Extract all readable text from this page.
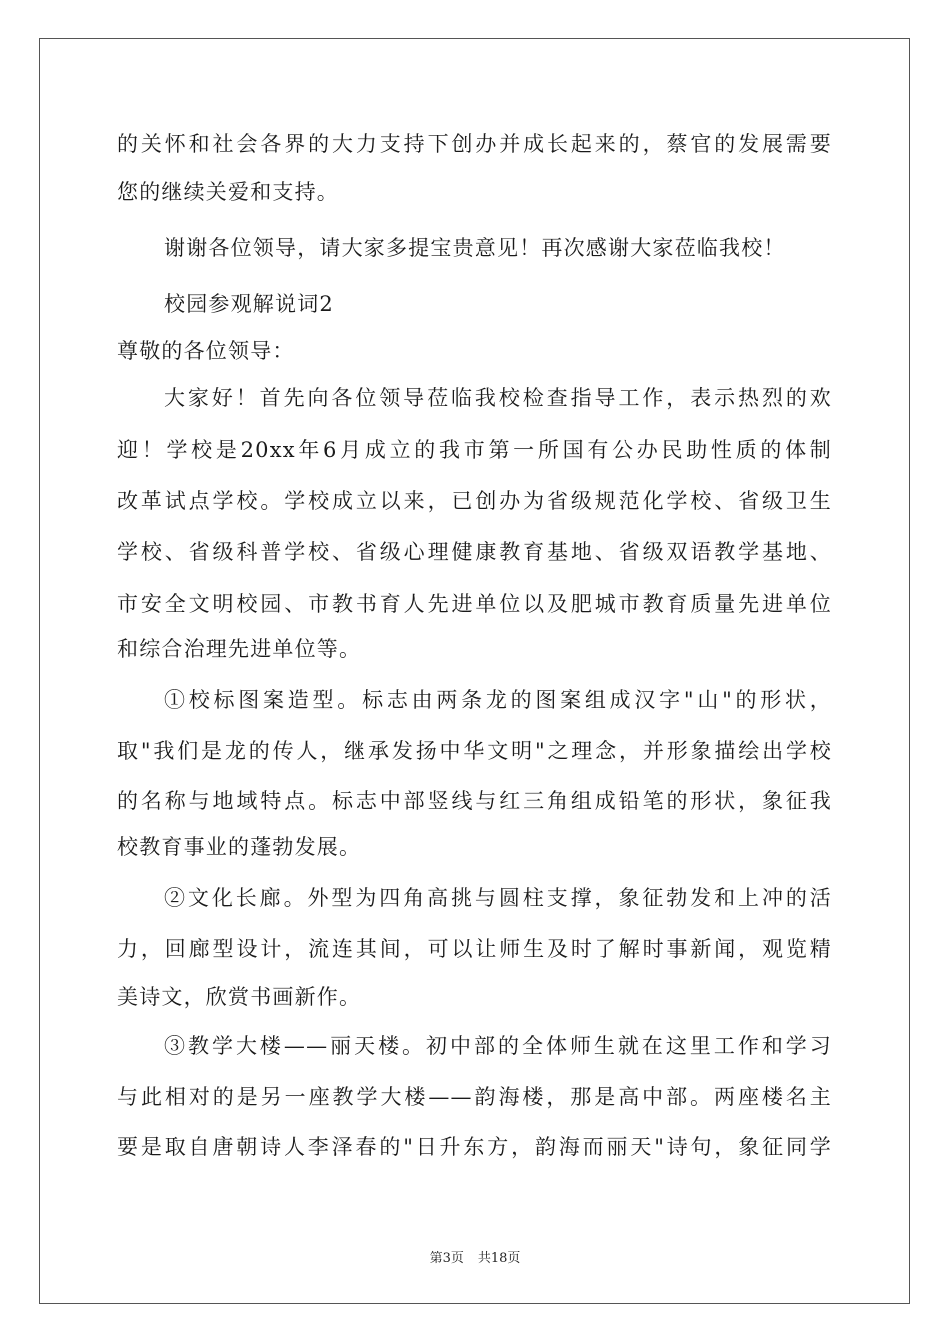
的关怀和社会各界的大力支持下创办并成长起来的，蔡官的发展需要
您的继续关爱和支持。
谢谢各位领导，请大家多提宝贵意见！再次感谢大家莅临我校！
校园参观解说词2
尊敬的各位领导：
大家好！首先向各位领导莅临我校检查指导工作，表示热烈的欢
迎！学校是20xx年6月成立的我市第一所国有公办民助性质的体制
改革试点学校。学校成立以来，已创办为省级规范化学校、省级卫生
学校、省级科普学校、省级心理健康教育基地、省级双语教学基地、
市安全文明校园、市教书育人先进单位以及肥城市教育质量先进单位
和综合治理先进单位等。
①校标图案造型。标志由两条龙的图案组成汉字"山"的形状，
取"我们是龙的传人，继承发扬中华文明"之理念，并形象描绘出学校
的名称与地域特点。标志中部竖线与红三角组成铅笔的形状，象征我
校教育事业的蓬勃发展。
②文化长廊。外型为四角高挑与圆柱支撑，象征勃发和上冲的活
力，回廊型设计，流连其间，可以让师生及时了解时事新闻，观览精
美诗文，欣赏书画新作。
③教学大楼——丽天楼。初中部的全体师生就在这里工作和学习
与此相对的是另一座教学大楼——韵海楼，那是高中部。两座楼名主
要是取自唐朝诗人李泽春的"日升东方，韵海而丽天"诗句，象征同学
第3页 共18页
